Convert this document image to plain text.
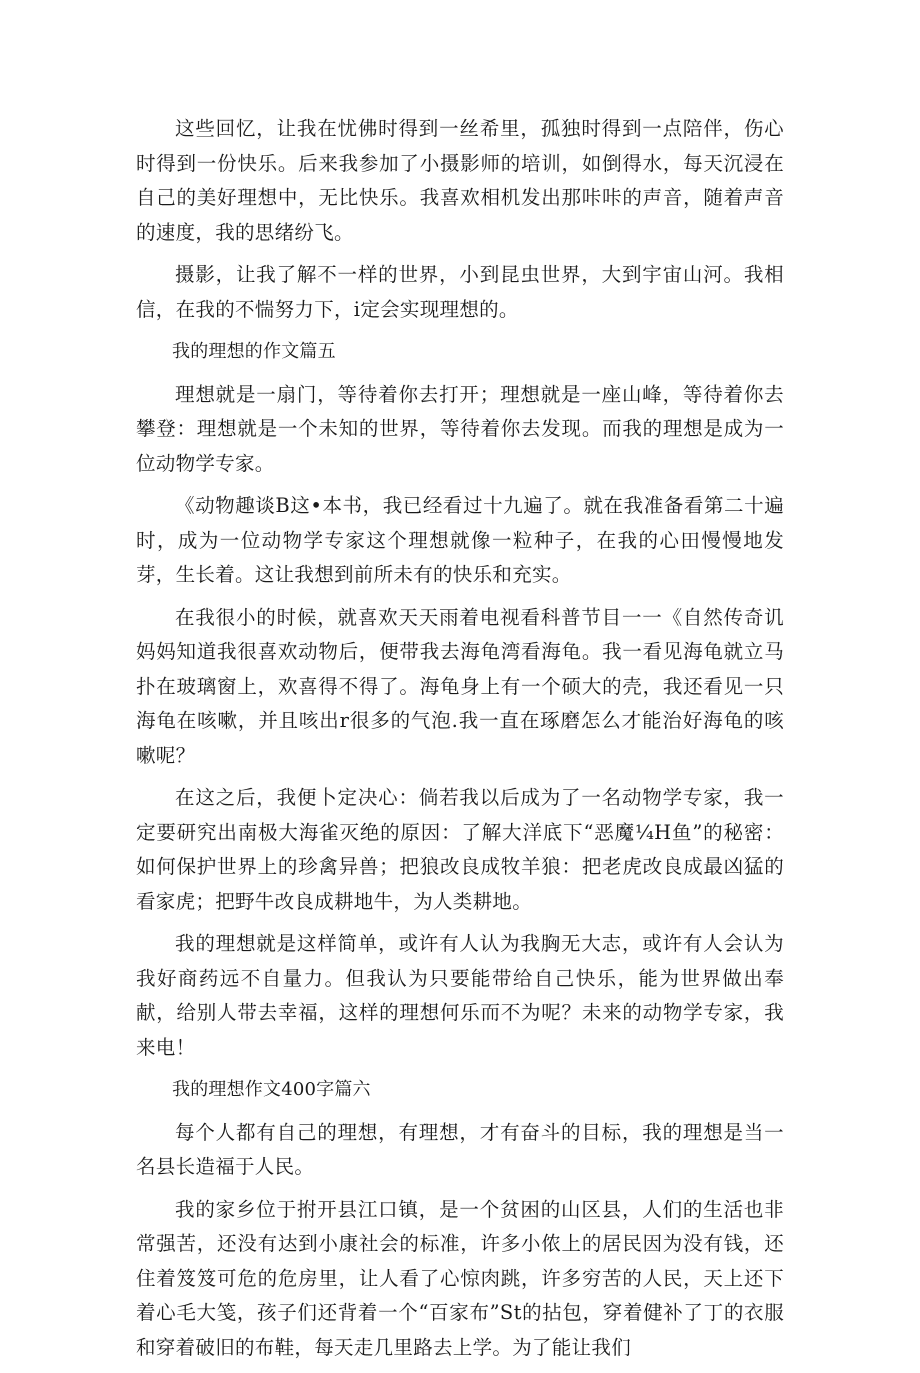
这些回忆，让我在忧佛时得到一丝希里，孤独时得到一点陪伴，伤心时得到一份快乐。后来我参加了小摄影师的培训，如倒得水，每天沉浸在自己的美好理想中，无比快乐。我喜欢相机发出那咔咔的声音，随着声音的速度，我的思绪纷飞。

摄影，让我了解不一样的世界，小到昆虫世界，大到宇宙山河。我相信，在我的不惴努力下，i定会实现理想的。

我的理想的作文篇五

理想就是一扇门，等待着你去打开；理想就是一座山峰，等待着你去攀登：理想就是一个未知的世界，等待着你去发现。而我的理想是成为一位动物学专家。

《动物趣谈B这•本书，我已经看过十九遍了。就在我准备看第二十遍时，成为一位动物学专家这个理想就像一粒种子，在我的心田慢慢地发芽，生长着。这让我想到前所未有的快乐和充实。

在我很小的时候，就喜欢天天雨着电视看科普节目一一《自然传奇讥妈妈知道我很喜欢动物后，便带我去海龟湾看海龟。我一看见海龟就立马扑在玻璃窗上，欢喜得不得了。海龟身上有一个硕大的壳，我还看见一只海龟在咳嗽，并且咳出r很多的气泡.我一直在琢磨怎么才能治好海龟的咳嗽呢？

在这之后，我便卜定决心：倘若我以后成为了一名动物学专家，我一定要研究出南极大海雀灭绝的原因：了解大洋底下“恶魔¼H鱼”的秘密：如何保护世界上的珍禽异兽；把狼改良成牧羊狼：把老虎改良成最凶猛的看家虎；把野牛改良成耕地牛，为人类耕地。

我的理想就是这样简单，或许有人认为我胸无大志，或许有人会认为我好商药远不自量力。但我认为只要能带给自己快乐，能为世界做出奉献，给别人带去幸福，这样的理想何乐而不为呢？未来的动物学专家，我来电！

我的理想作文400字篇六

每个人都有自己的理想，有理想，才有奋斗的目标，我的理想是当一名县长造福于人民。

我的家乡位于拊开县江口镇，是一个贫困的山区县，人们的生活也非常强苦，还没有达到小康社会的标准，许多小侬上的居民因为没有钱，还住着笈笈可危的危房里，让人看了心惊肉跳，许多穷苦的人民，天上还下着心毛大笺，孩子们还背着一个“百家布”St的拈包，穿着健补了丁的衣服和穿着破旧的布鞋，每天走几里路去上学。为了能让我们
